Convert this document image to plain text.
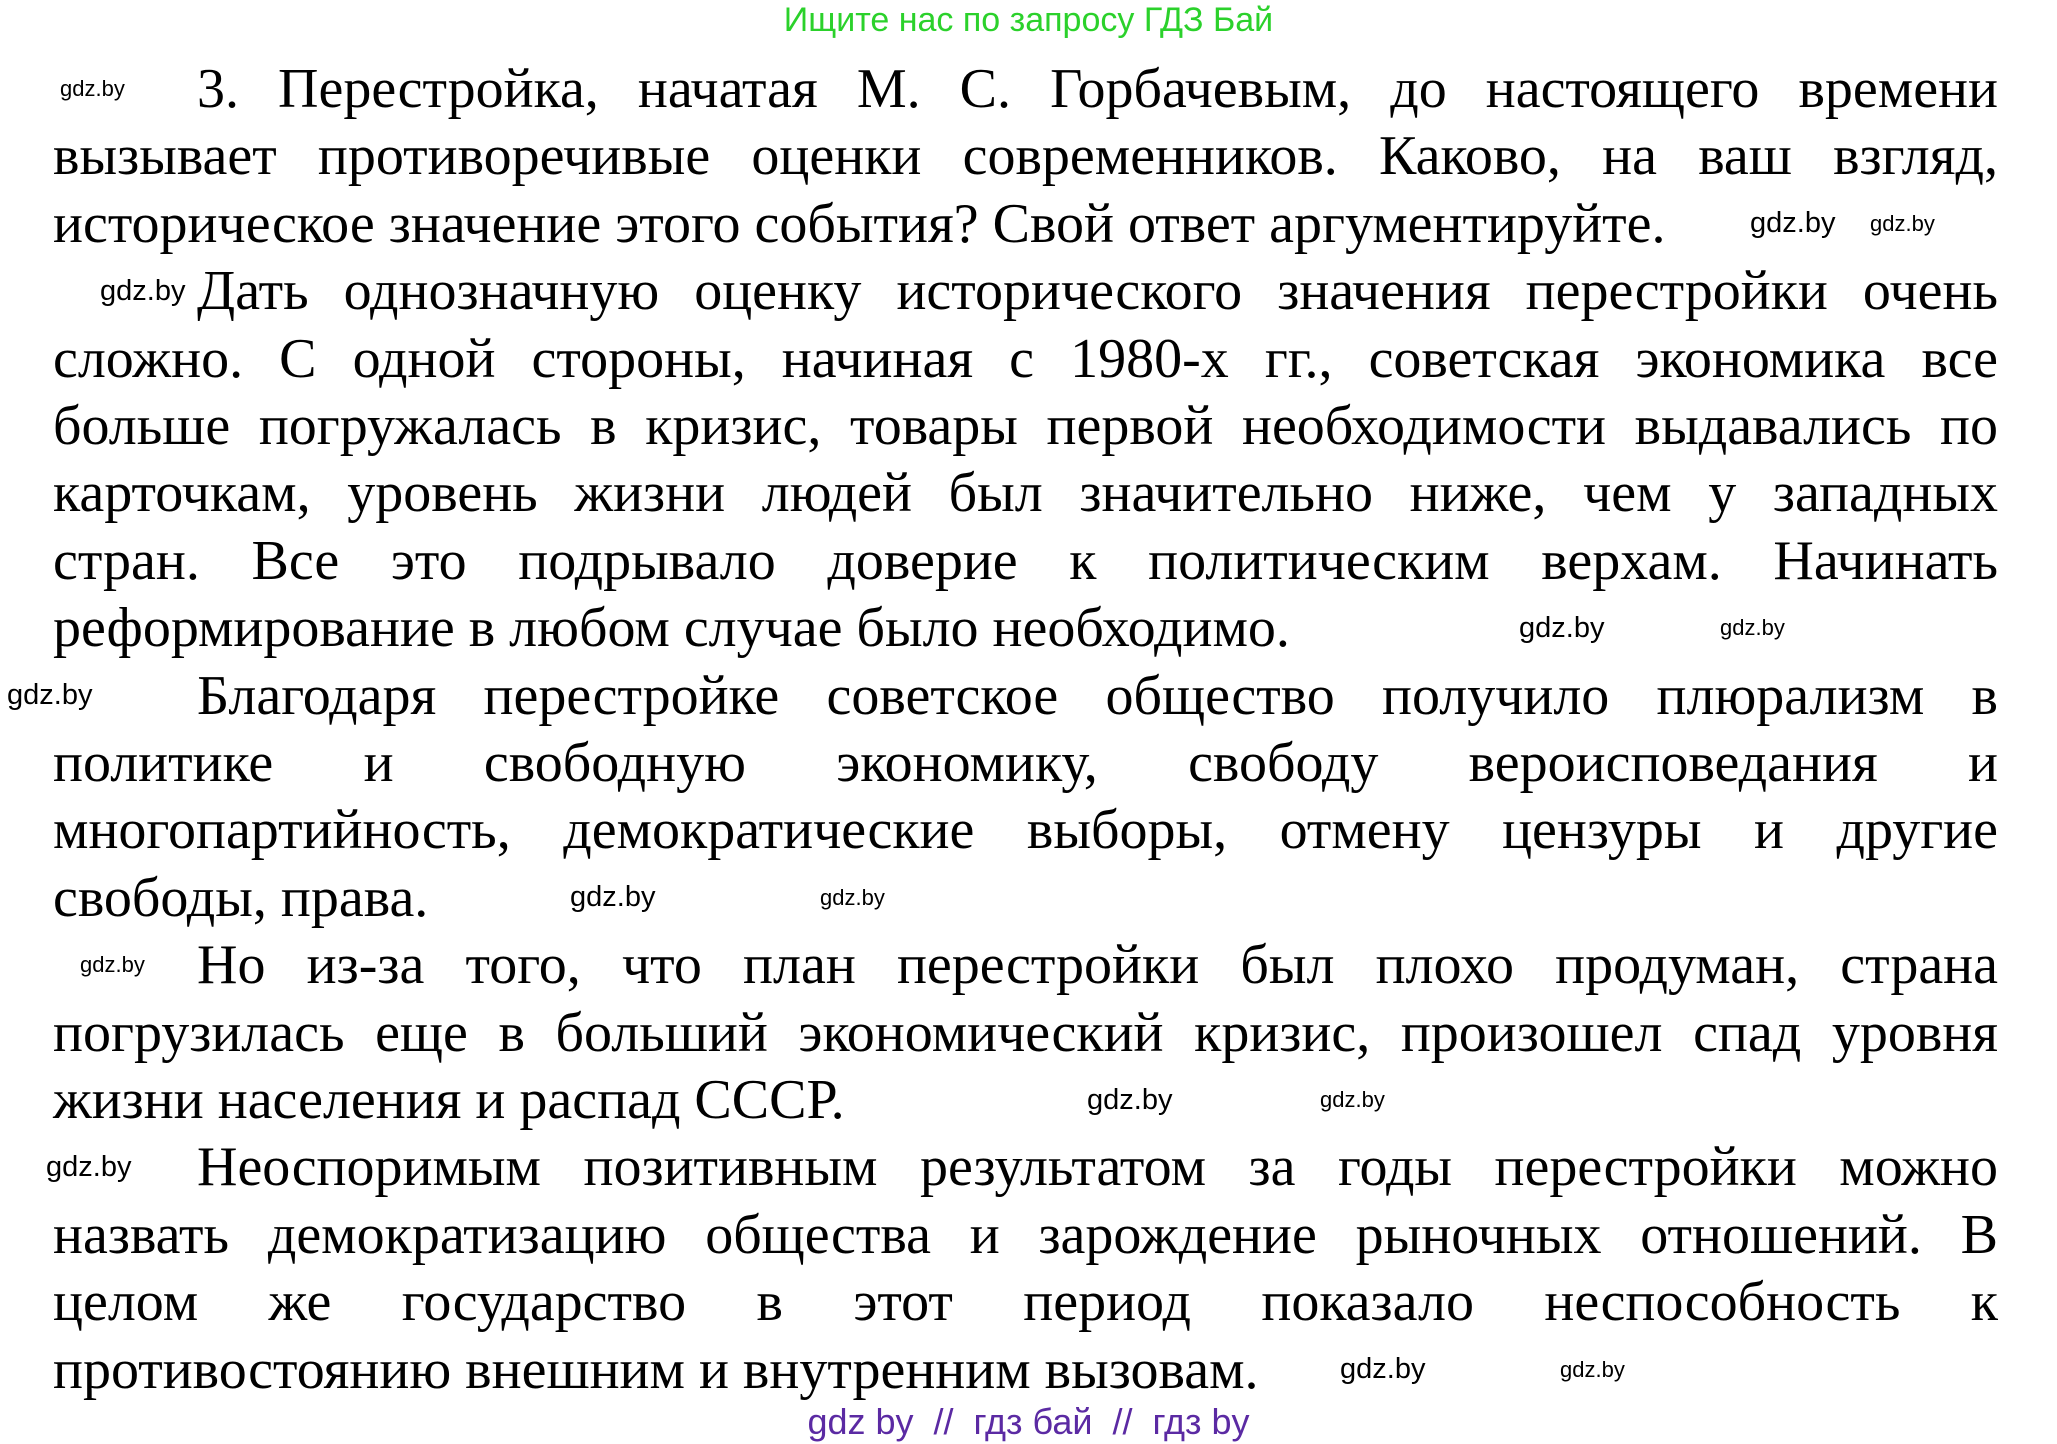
Ищите нас по запросу ГДЗ Бай
3. Перестройка, начатая М. С. Горбачевым, до настоящего времени
вызывает противоречивые оценки современников. Каково, на ваш взгляд,
историческое значение этого события? Свой ответ аргументируйте.
Дать однозначную оценку исторического значения перестройки очень
сложно. С одной стороны, начиная с 1980-х гг., советская экономика все
больше погружалась в кризис, товары первой необходимости выдавались по
карточкам, уровень жизни людей был значительно ниже, чем у западных
стран. Все это подрывало доверие к политическим верхам. Начинать
реформирование в любом случае было необходимо.
Благодаря перестройке советское общество получило плюрализм в
политике и свободную экономику, свободу вероисповедания и
многопартийность, демократические выборы, отмену цензуры и другие
свободы, права.
Но из-за того, что план перестройки был плохо продуман, страна
погрузилась еще в больший экономический кризис, произошел спад уровня
жизни населения и распад СССР.
Неоспоримым позитивным результатом за годы перестройки можно
назвать демократизацию общества и зарождение рыночных отношений. В
целом же государство в этот период показало неспособность к
противостоянию внешним и внутренним вызовам.
gdz.by
gdz.by gdz.by
gdz.by
gdz.by	gdz.by
gdz.by
gdz.by	gdz.by
gdz.by
gdz.by	gdz.by
gdz.by
gdz.by	gdz.by
gdz by  //  гдз бай  //  гдз by
